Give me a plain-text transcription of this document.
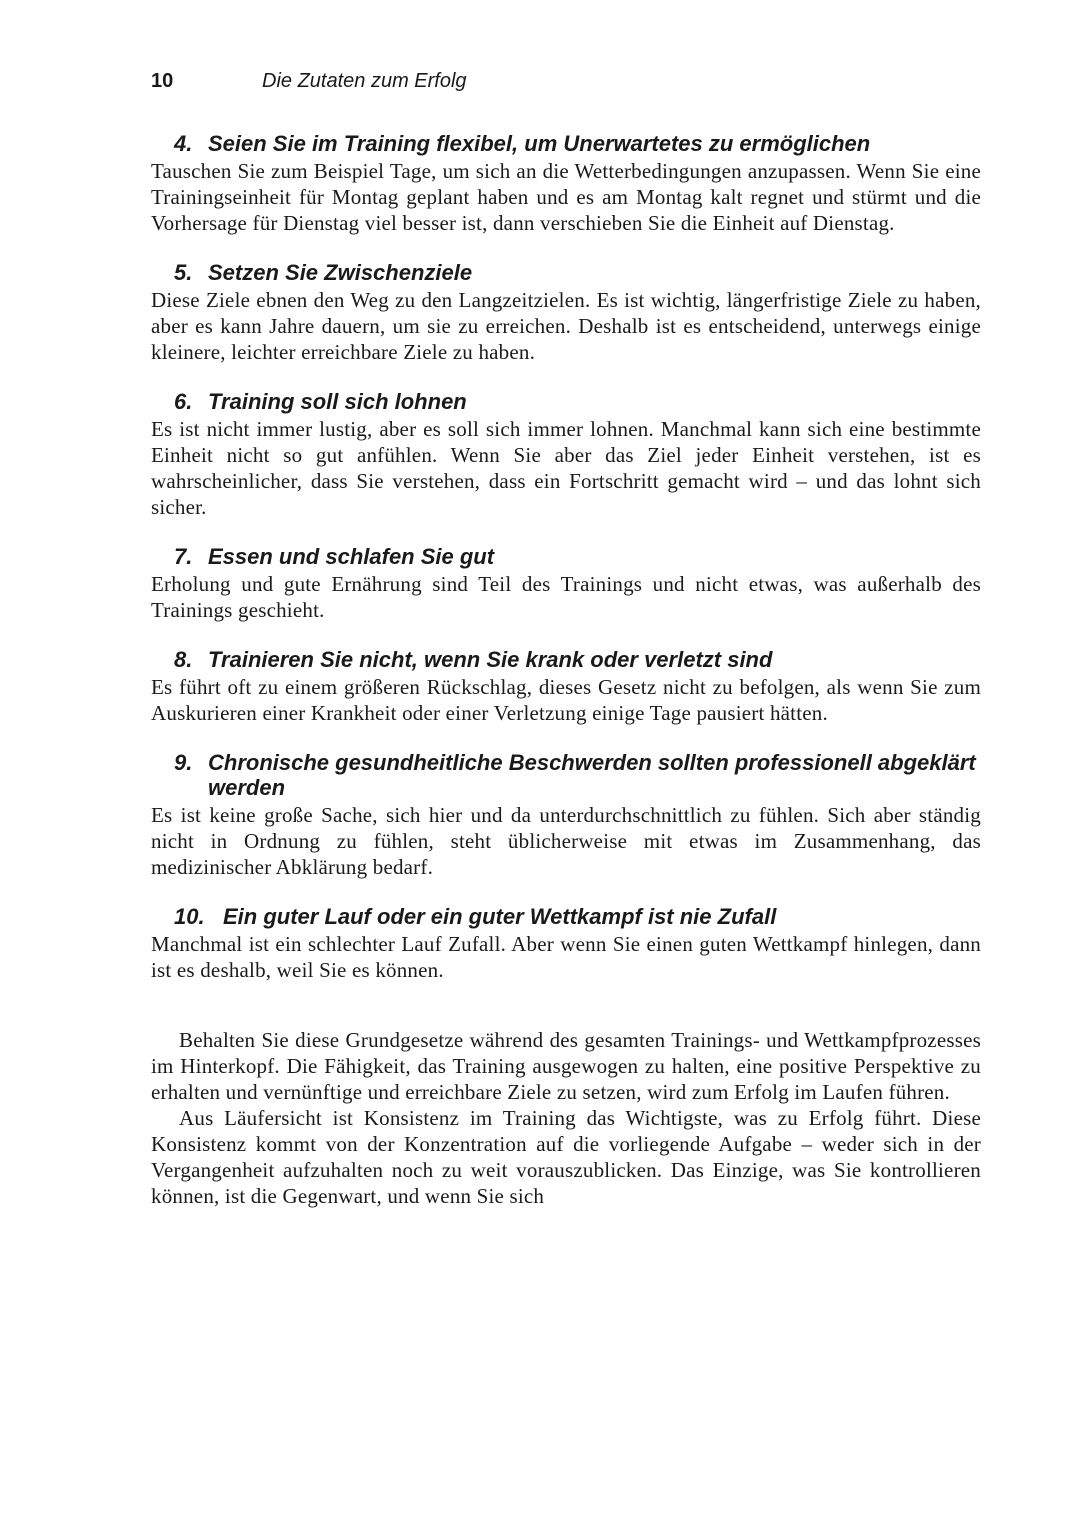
10	Die Zutaten zum Erfolg
4. Seien Sie im Training flexibel, um Unerwartetes zu ermöglichen

Tauschen Sie zum Beispiel Tage, um sich an die Wetterbedingungen anzupassen. Wenn Sie eine Trainingseinheit für Montag geplant haben und es am Montag kalt regnet und stürmt und die Vorhersage für Dienstag viel besser ist, dann verschieben Sie die Einheit auf Dienstag.

5. Setzen Sie Zwischenziele

Diese Ziele ebnen den Weg zu den Langzeitzielen. Es ist wichtig, längerfristige Ziele zu haben, aber es kann Jahre dauern, um sie zu erreichen. Deshalb ist es entscheidend, unterwegs einige kleinere, leichter erreichbare Ziele zu haben.

6. Training soll sich lohnen

Es ist nicht immer lustig, aber es soll sich immer lohnen. Manchmal kann sich eine bestimmte Einheit nicht so gut anfühlen. Wenn Sie aber das Ziel jeder Einheit verstehen, ist es wahrscheinlicher, dass Sie verstehen, dass ein Fortschritt gemacht wird – und das lohnt sich sicher.

7. Essen und schlafen Sie gut

Erholung und gute Ernährung sind Teil des Trainings und nicht etwas, was außerhalb des Trainings geschieht.

8. Trainieren Sie nicht, wenn Sie krank oder verletzt sind

Es führt oft zu einem größeren Rückschlag, dieses Gesetz nicht zu befolgen, als wenn Sie zum Auskurieren einer Krankheit oder einer Verletzung einige Tage pausiert hätten.

9. Chronische gesundheitliche Beschwerden sollten professionell abgeklärt werden

Es ist keine große Sache, sich hier und da unterdurchschnittlich zu fühlen. Sich aber ständig nicht in Ordnung zu fühlen, steht üblicherweise mit etwas im Zusammenhang, das medizinischer Abklärung bedarf.

10. Ein guter Lauf oder ein guter Wettkampf ist nie Zufall

Manchmal ist ein schlechter Lauf Zufall. Aber wenn Sie einen guten Wettkampf hinlegen, dann ist es deshalb, weil Sie es können.

Behalten Sie diese Grundgesetze während des gesamten Trainings- und Wettkampfprozesses im Hinterkopf. Die Fähigkeit, das Training ausgewogen zu halten, eine positive Perspektive zu erhalten und vernünftige und erreichbare Ziele zu setzen, wird zum Erfolg im Laufen führen.

Aus Läufersicht ist Konsistenz im Training das Wichtigste, was zu Erfolg führt. Diese Konsistenz kommt von der Konzentration auf die vorliegende Aufgabe – weder sich in der Vergangenheit aufzuhalten noch zu weit vorauszublicken. Das Einzige, was Sie kontrollieren können, ist die Gegenwart, und wenn Sie sich
